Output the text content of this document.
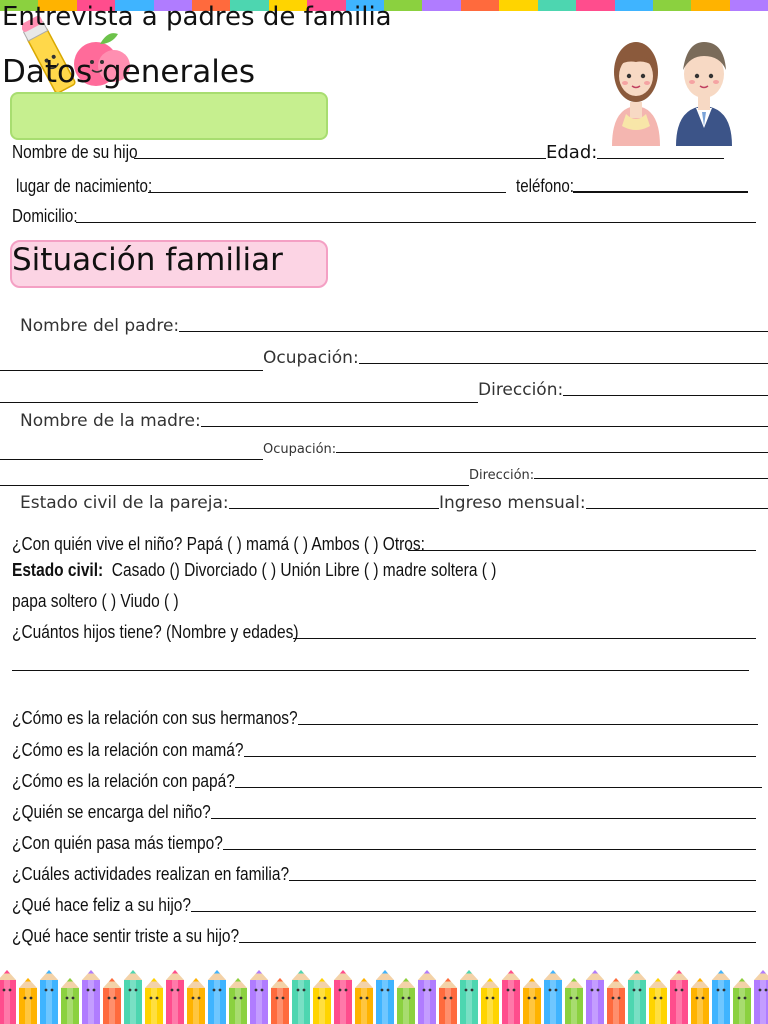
Entrevista a padres de familia
Datos generales
Nombre de su hijo	Edad:
lugar de nacimiento:	teléfono:
Domicilio:
Situación familiar
Nombre del padre:
Ocupación:
Dirección:
Nombre de la madre:
Ocupación:
Dirección:
Estado civil de la pareja:	Ingreso mensual:
¿Con quién vive el niño? Papá ( ) mamá ( ) Ambos ( ) Otros:
Estado civil: Casado () Divorciado ( ) Unión Libre ( ) madre soltera ( )
papa soltero ( ) Viudo ( )
¿Cuántos hijos tiene? (Nombre y edades)
¿Cómo es la relación con sus hermanos?
¿Cómo es la relación con mamá?
¿Cómo es la relación con papá?
¿Quién se encarga del niño?
¿Con quién pasa más tiempo?
¿Cuáles actividades realizan en familia?
¿Qué hace feliz a su hijo?
¿Qué hace sentir triste a su hijo?
